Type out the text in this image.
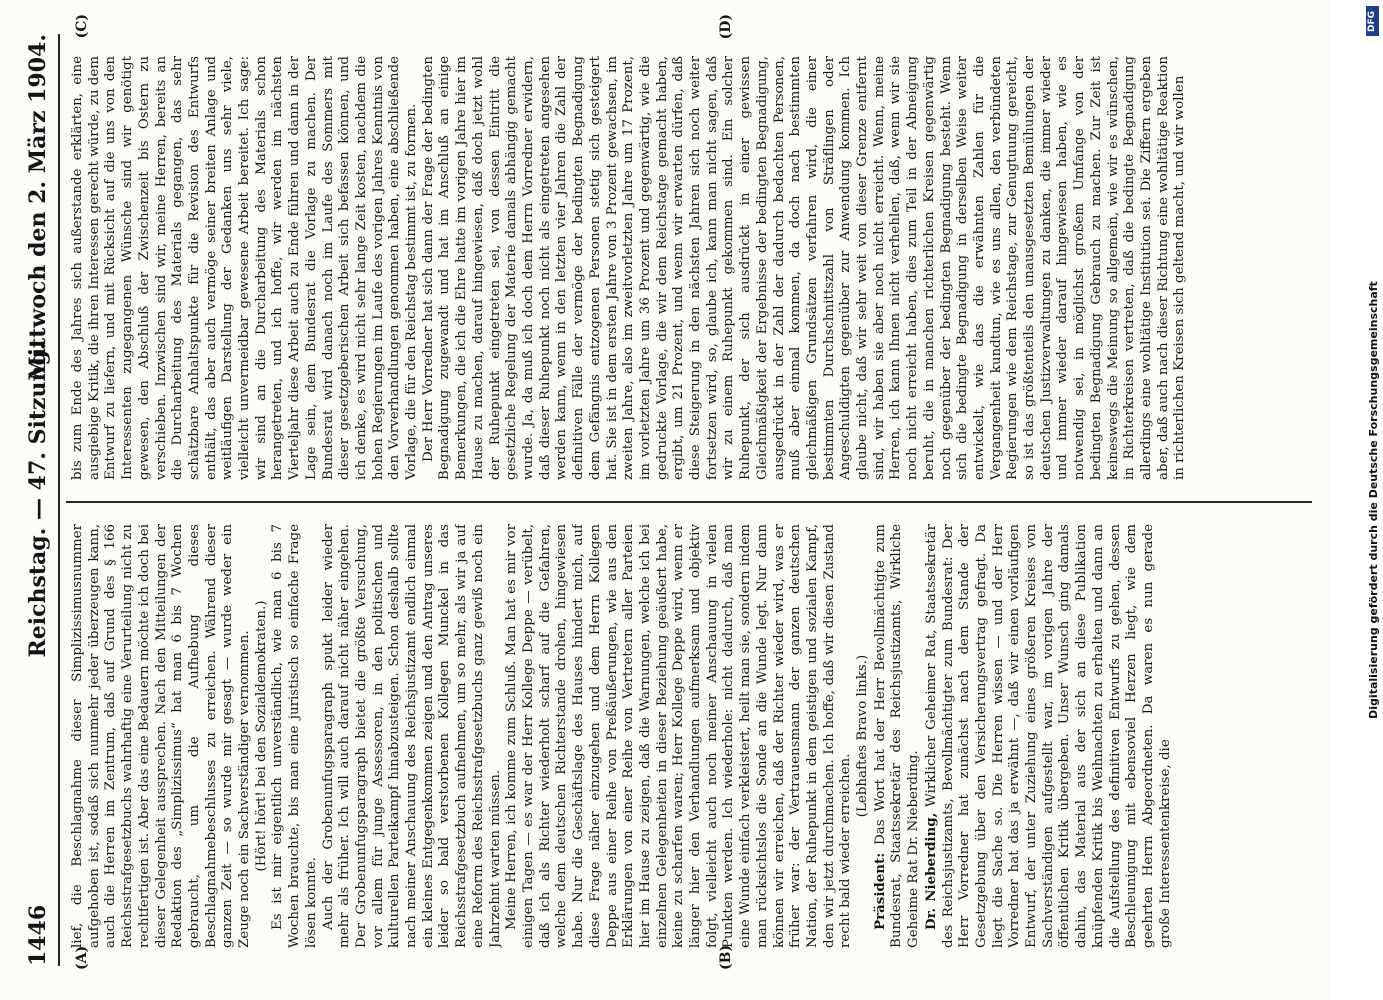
1446
Reichstag. — 47. Sitzung.
Mittwoch den 2. März 1904.
(A)	(B)
(C)	(D)

lief, die Beschlagnahme dieser Simplizissimusnummer aufgehoben ist, sodaß sich nunmehr jeder überzeugen kann, auch die Herren im Zentrum, daß auf Grund des § 166 Reichsstrafgesetzbuchs wahrhaftig eine Verurteilung nicht zu rechtfertigen ist. Aber das eine Bedauern möchte ich doch bei dieser Gelegenheit aussprechen. Nach den Mitteilungen der Redaktion des „Simplizissimus“ hat man 6 bis 7 Wochen gebraucht, um die Aufhebung dieses Beschlagnahmebeschlusses zu erreichen. Während dieser ganzen Zeit — so wurde mir gesagt — wurde weder ein Zeuge noch ein Sachverständiger vernommen. (Hört! hört! bei den Sozialdemokraten.) Es ist mir eigentlich unverständlich, wie man 6 bis 7 Wochen brauchte, bis man eine juristisch so einfache Frage lösen konnte. Auch der Grobenunfugsparagraph spukt leider wieder mehr als früher. Ich will auch darauf nicht näher eingehen. Der Grobenunfugsparagraph bietet die größte Versuchung, vor allem für junge Assessoren, in den politischen und kulturellen Parteikampf hinabzusteigen. Schon deshalb sollte nach meiner Anschauung des Reichsjustizamt endlich einmal ein kleines Entgegenkommen zeigen und den Antrag unseres leider so bald verstorbenen Kollegen Munckel in das Reichsstrafgesetzbuch aufnehmen, um so mehr, als wir ja auf eine Reform des Reichsstrafgesetzbuchs ganz gewiß noch ein Jahrzehnt warten müssen. Meine Herren, ich komme zum Schluß. Man hat es mir vor einigen Tagen — es war der Herr Kollege Deppe — verübelt, daß ich als Richter wiederholt scharf auf die Gefahren, welche dem deutschen Richterstande drohen, hingewiesen habe. Nur die Geschäftslage des Hauses hindert mich, auf diese Frage näher einzugehen und dem Herrn Kollegen Deppe aus einer Reihe von Preßäußerungen, wie aus den Erklärungen von einer Reihe von Vertretern aller Parteien hier im Hause zu zeigen, daß die Warnungen, welche ich bei einzelnen Gelegenheiten in dieser Beziehung geäußert habe, keine zu scharfen waren; Herr Kollege Deppe wird, wenn er länger hier den Verhandlungen aufmerksam und objektiv folgt, vielleicht auch noch meiner Anschauung in vielen Punkten werden. Ich wiederhole: nicht dadurch, daß man eine Wunde einfach verkleistert, heilt man sie, sondern indem man rücksichtslos die Sonde an die Wunde legt. Nur dann können wir erreichen, daß der Richter wieder wird, was er früher war: der Vertrauensmann der ganzen deutschen Nation, der Ruhepunkt in dem geistigen und sozialen Kampf, den wir jetzt durchmachen. Ich hoffe, daß wir diesen Zustand recht bald wieder erreichen.

(Lebhaftes Bravo links.)

Präsident: Das Wort hat der Herr Bevollmächtigte zum Bundesrat, Staatssekretär des Reichsjustizamts, Wirkliche Geheime Rat Dr. Nieberding. Dr. Nieberding, Wirklicher Geheimer Rat, Staatssekretär des Reichsjustizamts, Bevollmächtigter zum Bundesrat: Der Herr Vorredner hat zunächst nach dem Stande der Gesetzgebung über den Versicherungsvertrag gefragt. Da liegt die Sache so. Die Herren wissen — und der Herr Vorredner hat das ja erwähnt —, daß wir einen vorläufigen Entwurf, der unter Zuziehung eines größeren Kreises von Sachverständigen aufgestellt war, im vorigen Jahre der öffentlichen Kritik übergeben. Unser Wunsch ging damals dahin, das Material aus der sich an diese Publikation knüpfenden Kritik bis Weihnachten zu erhalten und dann an die Aufstellung des definitiven Entwurfs zu gehen, dessen Beschleunigung mit ebensoviel Herzen liegt, wie dem geehrten Herrn Abgeordneten. Da waren es nun gerade große Interessentenkreise, die

bis zum Ende des Jahres sich außerstande erklärten, eine ausgiebige Kritik, die ihren Interessen gerecht würde, zu dem Entwurf zu liefern, und mit Rücksicht auf die uns von den Interessenten zugegangenen Wünsche sind wir genötigt gewesen, den Abschluß der Zwischenzeit bis Ostern zu verschieben. Inzwischen sind wir, meine Herren, bereits an die Durcharbeitung des Materials gegangen, das sehr schätzbare Anhaltspunkte für die Revision des Entwurfs enthält, das aber auch vermöge seiner breiten Anlage und weitläufigen Darstellung der Gedanken uns sehr viele, vielleicht unvermeidbar gewesene Arbeit bereitet. Ich sage: wir sind an die Durcharbeitung des Materials schon herangetreten, und ich hoffe, wir werden im nächsten Vierteljahr diese Arbeit auch zu Ende führen und dann in der Lage sein, dem Bundesrat die Vorlage zu machen. Der Bundesrat wird danach noch im Laufe des Sommers mit dieser gesetzgeberischen Arbeit sich befassen können, und ich denke, es wird nicht sehr lange Zeit kosten, nachdem die hohen Regierungen im Laufe des vorigen Jahres Kenntnis von den Vorverhandlungen genommen haben, eine abschließende Vorlage, die für den Reichstag bestimmt ist, zu formen. Der Herr Vorredner hat sich dann der Frage der bedingten Begnadigung zugewandt und hat im Anschluß an einige Bemerkungen, die ich die Ehre hatte im vorigen Jahre hier im Hause zu machen, darauf hingewiesen, daß doch jetzt wohl der Ruhepunkt eingetreten sei, von dessen Eintritt die gesetzliche Regelung der Materie damals abhängig gemacht wurde. Ja, da muß ich doch dem Herrn Vorredner erwidern, daß dieser Ruhepunkt noch nicht als eingetreten angesehen werden kann, wenn in den letzten vier Jahren die Zahl der definitiven Fälle der vermöge der bedingten Begnadigung dem Gefängnis entzogenen Personen stetig sich gesteigert hat. Sie ist in dem ersten Jahre von 3 Prozent gewachsen, im zweiten Jahre, also im zweitvorletzten Jahre um 17 Prozent, im vorletzten Jahre um 36 Prozent und gegenwärtig, wie die gedruckte Vorlage, die wir dem Reichstage gemacht haben, ergibt, um 21 Prozent, und wenn wir erwarten dürfen, daß diese Steigerung in den nächsten Jahren sich noch weiter fortsetzen wird, so, glaube ich, kann man nicht sagen, daß wir zu einem Ruhepunkt gekommen sind. Ein solcher Ruhepunkt, der sich ausdrückt in einer gewissen Gleichmäßigkeit der Ergebnisse der bedingten Begnadigung, ausgedrückt in der Zahl der dadurch bedachten Personen, muß aber einmal kommen, da doch nach bestimmten gleichmäßigen Grundsätzen verfahren wird, die einer bestimmten Durchschnittszahl von Sträflingen oder Angeschuldigten gegenüber zur Anwendung kommen. Ich glaube nicht, daß wir sehr weit von dieser Grenze entfernt sind, wir haben sie aber noch nicht erreicht. Wenn, meine Herren, ich kann Ihnen nicht verhehlen, daß, wenn wir sie noch nicht erreicht haben, dies zum Teil in der Abneigung beruht, die in manchen richterlichen Kreisen gegenwärtig noch gegenüber der bedingten Begnadigung besteht. Wenn sich die bedingte Begnadigung in derselben Weise weiter entwickelt, wie das die erwähnten Zahlen für die Vergangenheit kundtun, wie es uns allen, den verbündeten Regierungen wie dem Reichstage, zur Genugtuung gereicht, so ist das größtenteils den unausgesetzten Bemühungen der deutschen Justizverwaltungen zu danken, die immer wieder und immer wieder darauf hingewiesen haben, wie es notwendig sei, in möglichst großem Umfange von der bedingten Begnadigung Gebrauch zu machen. Zur Zeit ist keineswegs die Meinung so allgemein, wie wir es wünschen, in Richterkreisen vertreten, daß die bedingte Begnadigung allerdings eine wohltätige Institution sei. Die Ziffern ergeben aber, daß auch nach dieser Richtung eine wohltätige Reaktion in richterlichen Kreisen sich geltend macht, und wir wollen

Digitalisierung gefördert durch die Deutsche Forschungsgemeinschaft
DFG
